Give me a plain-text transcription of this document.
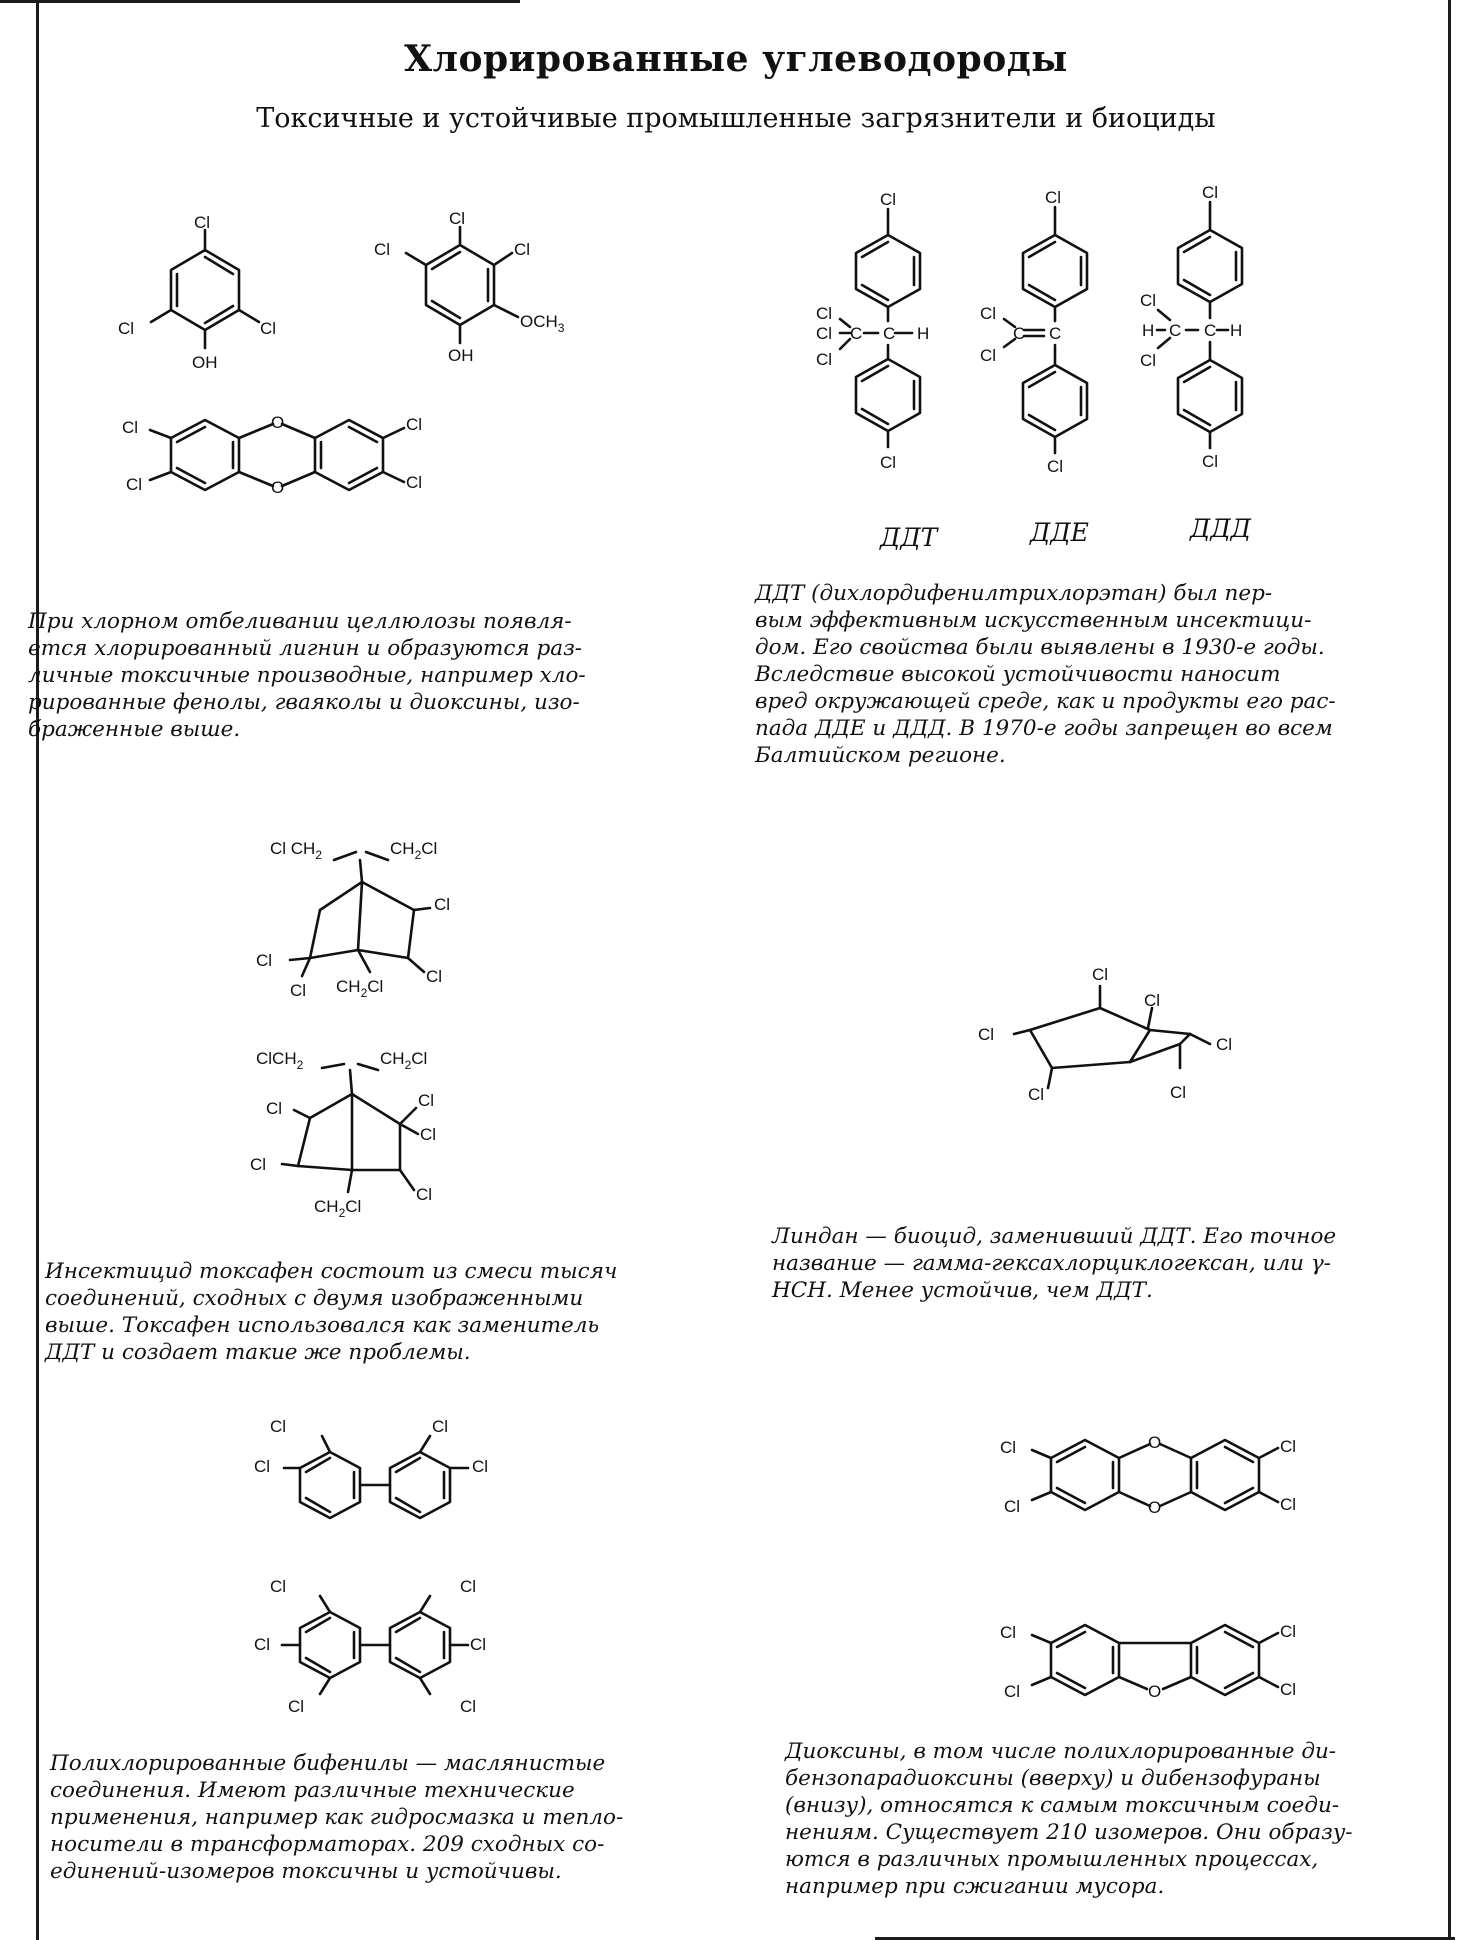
Хлорированные углеводороды
Токсичные и устойчивые промышленные загрязнители и биоциды
Cl
Cl
Cl
OH
Cl
Cl	Cl
$OCH_3$
OH
O
O
Cl
Cl
Cl
Cl
Cl
C H
C
Cl
Cl
Cl
Cl
Cl
C
C
Cl
Cl
Cl
Cl
C H
C
H
Cl
Cl
Cl
ДДТ	ДДЕ	ДДД
При хлорном отбеливании целлюлозы появля-
ется хлорированный лигнин и образуются раз-
личные токсичные производные, например хло-
рированные фенолы, гваяколы и диоксины, изо-
браженные выше.
ДДТ (дихлордифенилтрихлорэтан) был пер-
вым эффективным искусственным инсектици-
дом. Его свойства были выявлены в 1930-е годы.
Вследствие высокой устойчивости наносит
вред окружающей среде, как и продукты его рас-
пада ДДЕ и ДДД. В 1970-е годы запрещен во всем
Балтийском регионе.
Cl $CH_2$	$CH_2Cl$
Cl
Cl
Cl
Cl $CH_2Cl$
ClCH$_2$	$CH_2Cl$
Cl
Cl
Cl
Cl
Cl
$CH_2Cl$
Cl
Cl
Cl
Cl
Cl	Cl
Инсектицид токсафен состоит из смеси тысяч
соединений, сходных с двумя изображенными
выше. Токсафен использовался как заменитель
ДДТ и создает такие же проблемы.
Линдан — биоцид, заменивший ДДТ. Его точное
название — гамма-гексахлорциклогексан, или γ-
HCH. Менее устойчив, чем ДДТ.
Cl
Cl
Cl
Cl
Cl
Cl
Cl
Cl
Cl
Cl
O
O
Cl
Cl
Cl
Cl
O
Cl
Cl
Cl
Cl
Полихлорированные бифенилы — маслянистые
соединения. Имеют различные технические
применения, например как гидросмазка и тепло-
носители в трансформаторах. 209 сходных со-
единений-изомеров токсичны и устойчивы.
Диоксины, в том числе полихлорированные ди-
бензопарадиоксины (вверху) и дибензофураны
(внизу), относятся к самым токсичным соеди-
нениям. Существует 210 изомеров. Они образу-
ются в различных промышленных процессах,
например при сжигании мусора.
